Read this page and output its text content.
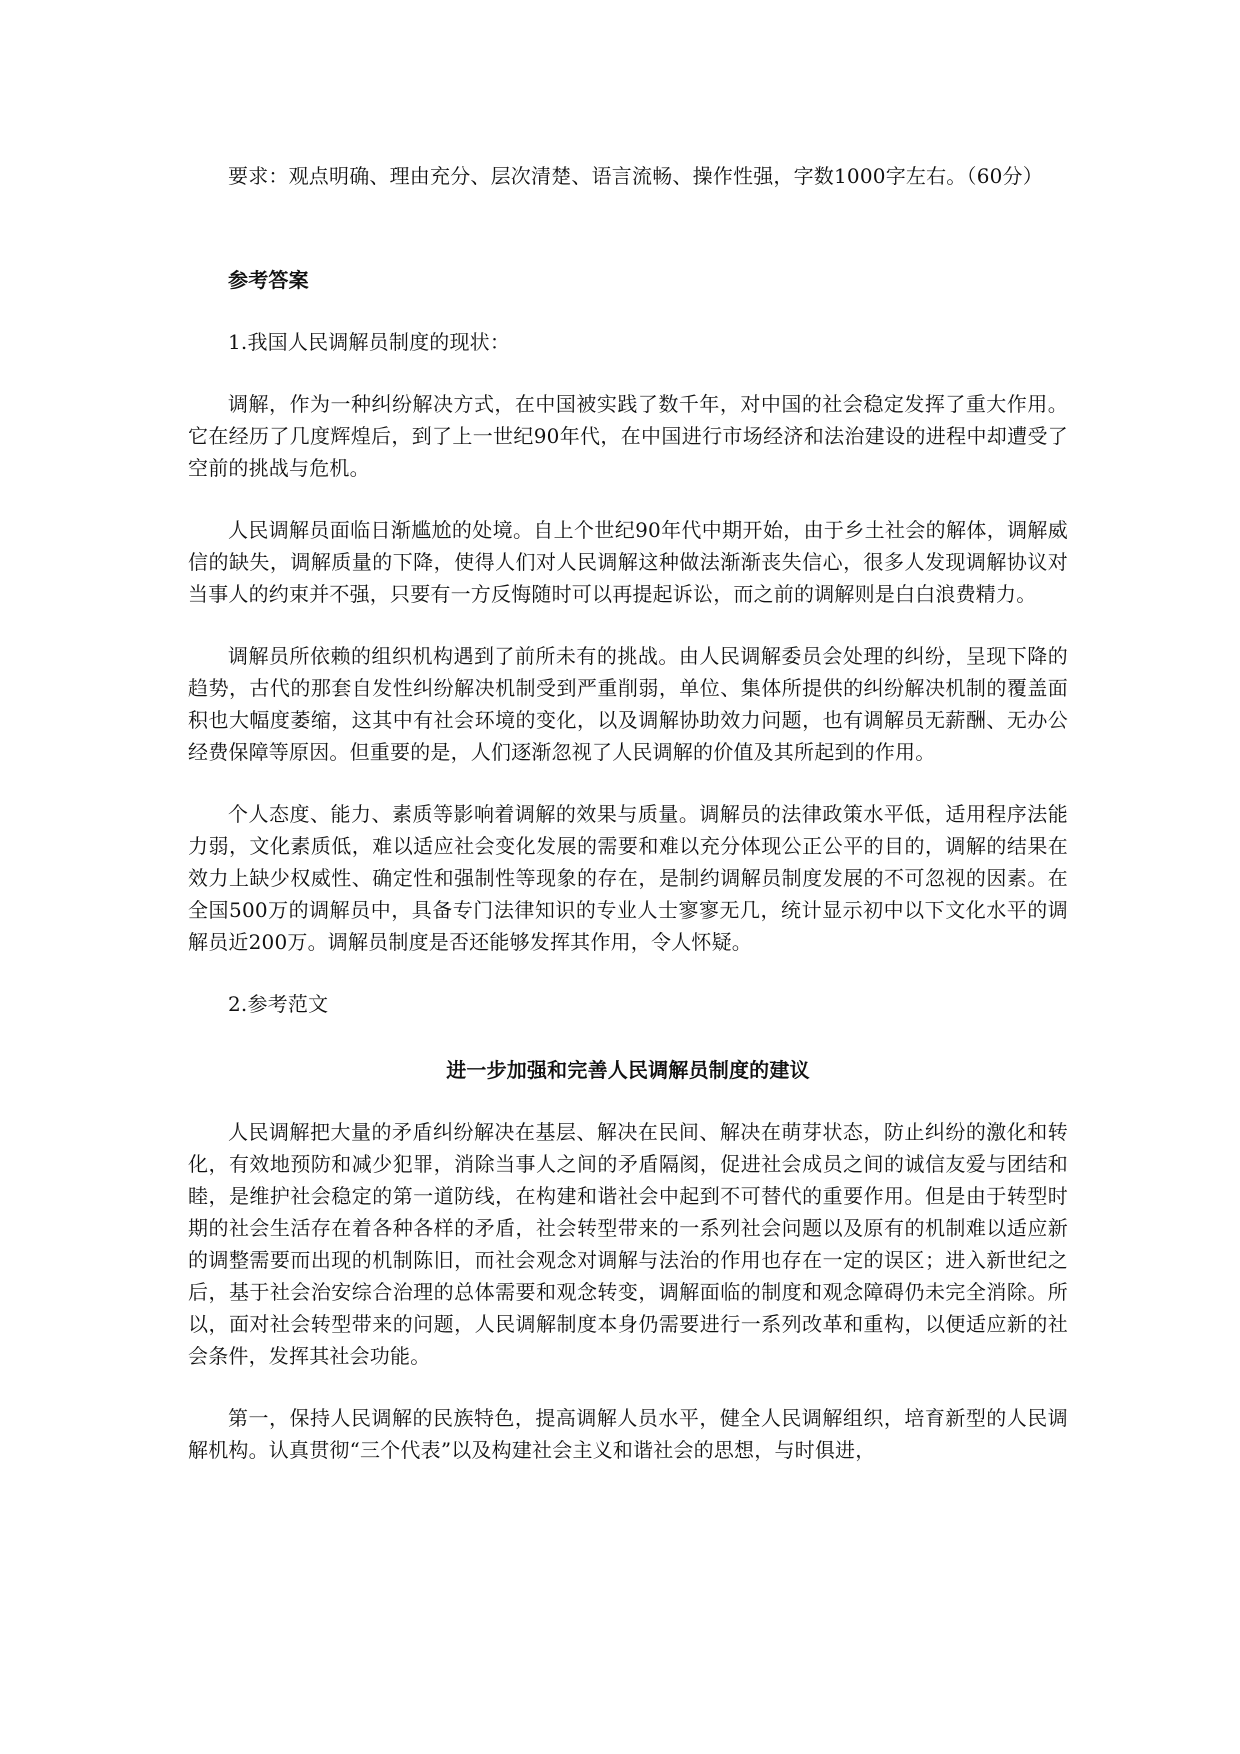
要求：观点明确、理由充分、层次清楚、语言流畅、操作性强，字数1000字左右。（60分）

参考答案

1.我国人民调解员制度的现状：

调解，作为一种纠纷解决方式，在中国被实践了数千年，对中国的社会稳定发挥了重大作用。它在经历了几度辉煌后，到了上一世纪90年代，在中国进行市场经济和法治建设的进程中却遭受了空前的挑战与危机。

人民调解员面临日渐尴尬的处境。自上个世纪90年代中期开始，由于乡土社会的解体，调解威信的缺失，调解质量的下降，使得人们对人民调解这种做法渐渐丧失信心，很多人发现调解协议对当事人的约束并不强，只要有一方反悔随时可以再提起诉讼，而之前的调解则是白白浪费精力。

调解员所依赖的组织机构遇到了前所未有的挑战。由人民调解委员会处理的纠纷，呈现下降的趋势，古代的那套自发性纠纷解决机制受到严重削弱，单位、集体所提供的纠纷解决机制的覆盖面积也大幅度萎缩，这其中有社会环境的变化，以及调解协助效力问题，也有调解员无薪酬、无办公经费保障等原因。但重要的是，人们逐渐忽视了人民调解的价值及其所起到的作用。

个人态度、能力、素质等影响着调解的效果与质量。调解员的法律政策水平低，适用程序法能力弱，文化素质低，难以适应社会变化发展的需要和难以充分体现公正公平的目的，调解的结果在效力上缺少权威性、确定性和强制性等现象的存在，是制约调解员制度发展的不可忽视的因素。在全国500万的调解员中，具备专门法律知识的专业人士寥寥无几，统计显示初中以下文化水平的调解员近200万。调解员制度是否还能够发挥其作用，令人怀疑。

2.参考范文

进一步加强和完善人民调解员制度的建议

人民调解把大量的矛盾纠纷解决在基层、解决在民间、解决在萌芽状态，防止纠纷的激化和转化，有效地预防和减少犯罪，消除当事人之间的矛盾隔阂，促进社会成员之间的诚信友爱与团结和睦，是维护社会稳定的第一道防线，在构建和谐社会中起到不可替代的重要作用。但是由于转型时期的社会生活存在着各种各样的矛盾，社会转型带来的一系列社会问题以及原有的机制难以适应新的调整需要而出现的机制陈旧，而社会观念对调解与法治的作用也存在一定的误区；进入新世纪之后，基于社会治安综合治理的总体需要和观念转变，调解面临的制度和观念障碍仍未完全消除。所以，面对社会转型带来的问题，人民调解制度本身仍需要进行一系列改革和重构，以便适应新的社会条件，发挥其社会功能。

第一，保持人民调解的民族特色，提高调解人员水平，健全人民调解组织，培育新型的人民调解机构。认真贯彻“三个代表”以及构建社会主义和谐社会的思想，与时俱进，
